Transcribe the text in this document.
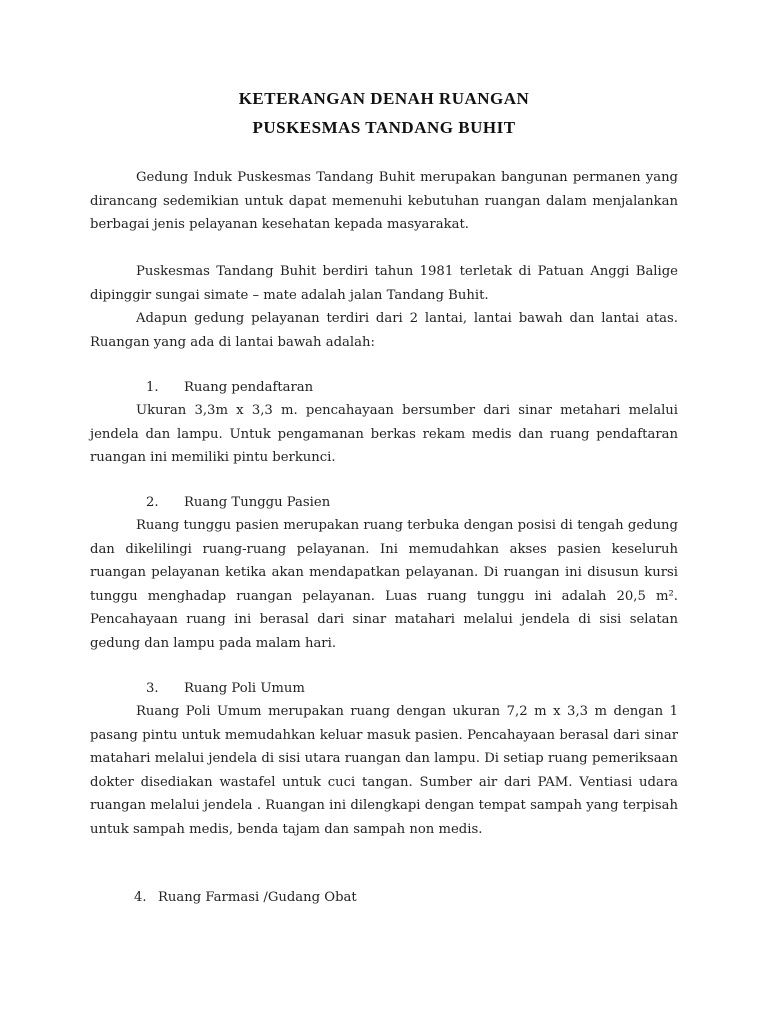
KETERANGAN DENAH RUANGAN
PUSKESMAS TANDANG BUHIT

Gedung Induk Puskesmas Tandang Buhit merupakan bangunan permanen yang dirancang sedemikian untuk dapat memenuhi kebutuhan ruangan dalam menjalankan berbagai jenis pelayanan kesehatan kepada masyarakat.

Puskesmas Tandang Buhit berdiri tahun 1981 terletak di Patuan Anggi Balige dipinggir sungai simate – mate adalah jalan Tandang Buhit.

Adapun gedung pelayanan terdiri dari 2 lantai, lantai bawah dan lantai atas. Ruangan yang ada di lantai bawah adalah:

1. Ruang pendaftaran

Ukuran 3,3m x 3,3 m. pencahayaan bersumber dari sinar metahari melalui jendela dan lampu. Untuk pengamanan berkas rekam medis dan ruang pendaftaran ruangan ini memiliki pintu berkunci.

2. Ruang Tunggu Pasien

Ruang tunggu pasien merupakan ruang terbuka dengan posisi di tengah gedung dan dikelilingi ruang-ruang pelayanan. Ini memudahkan akses pasien keseluruh ruangan pelayanan ketika akan mendapatkan pelayanan. Di ruangan ini disusun kursi tunggu menghadap ruangan pelayanan. Luas ruang tunggu ini adalah 20,5 m². Pencahayaan ruang ini berasal dari sinar matahari melalui jendela di sisi selatan gedung dan lampu pada malam hari.

3. Ruang Poli Umum

Ruang Poli Umum merupakan ruang dengan ukuran 7,2 m x 3,3 m dengan 1 pasang pintu untuk memudahkan keluar masuk pasien. Pencahayaan berasal dari sinar matahari melalui jendela di sisi utara ruangan dan lampu. Di setiap ruang pemeriksaan dokter disediakan wastafel untuk cuci tangan. Sumber air dari PAM. Ventiasi udara ruangan melalui jendela . Ruangan ini dilengkapi dengan tempat sampah yang terpisah untuk sampah medis, benda tajam dan sampah non medis.

4. Ruang Farmasi /Gudang Obat
